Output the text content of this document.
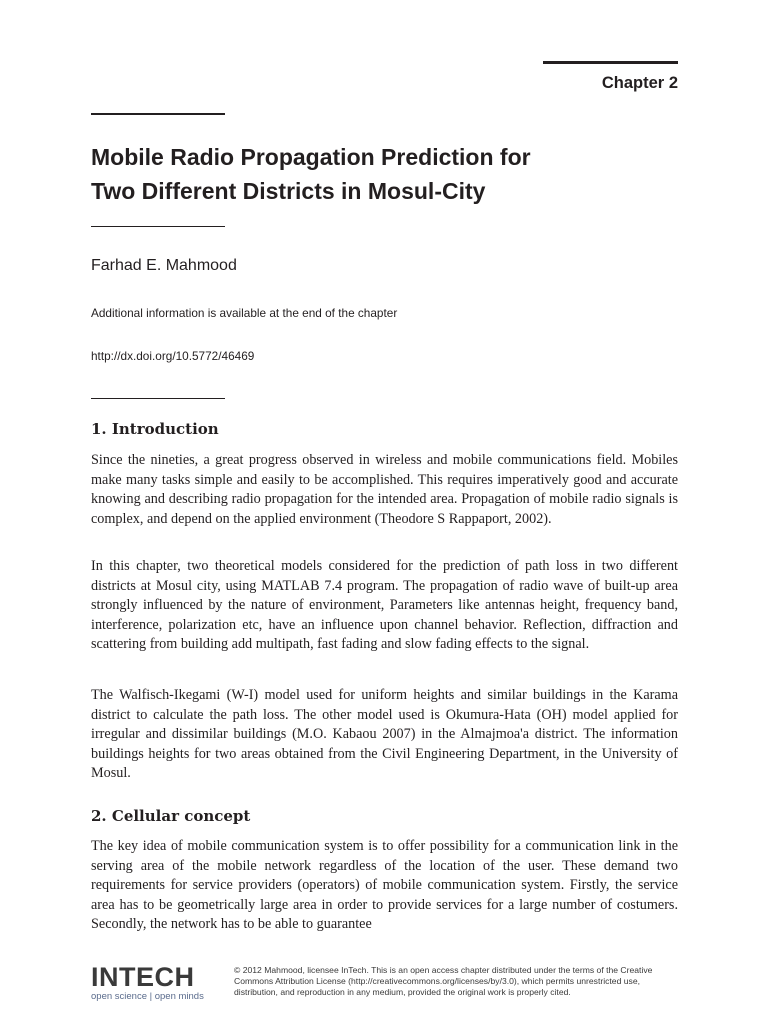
Chapter 2
Mobile Radio Propagation Prediction for
Two Different Districts in Mosul-City

Farhad E. Mahmood

Additional information is available at the end of the chapter

http://dx.doi.org/10.5772/46469

1. Introduction

Since the nineties, a great progress observed in wireless and mobile communications field. Mobiles make many tasks simple and easily to be accomplished. This requires imperatively good and accurate knowing and describing radio propagation for the intended area. Propagation of mobile radio signals is complex, and depend on the applied environment (Theodore S Rappaport, 2002).

In this chapter, two theoretical models considered for the prediction of path loss in two different districts at Mosul city, using MATLAB 7.4 program. The propagation of radio wave of built-up area strongly influenced by the nature of environment, Parameters like antennas height, frequency band, interference, polarization etc, have an influence upon channel behavior. Reflection, diffraction and scattering from building add multipath, fast fading and slow fading effects to the signal.

The Walfisch-Ikegami (W-I) model used for uniform heights and similar buildings in the Karama district to calculate the path loss. The other model used is Okumura-Hata (OH) model applied for irregular and dissimilar buildings (M.O. Kabaou 2007) in the Almajmoa'a district. The information buildings heights for two areas obtained from the Civil Engineering Department, in the University of Mosul.

2. Cellular concept

The key idea of mobile communication system is to offer possibility for a communication link in the serving area of the mobile network regardless of the location of the user. These demand two requirements for service providers (operators) of mobile communication system. Firstly, the service area has to be geometrically large area in order to provide services for a large number of costumers. Secondly, the network has to be able to guarantee

INTECH
open science | open minds
© 2012 Mahmood, licensee InTech. This is an open access chapter distributed under the terms of the Creative Commons Attribution License (http://creativecommons.org/licenses/by/3.0), which permits unrestricted use, distribution, and reproduction in any medium, provided the original work is properly cited.
